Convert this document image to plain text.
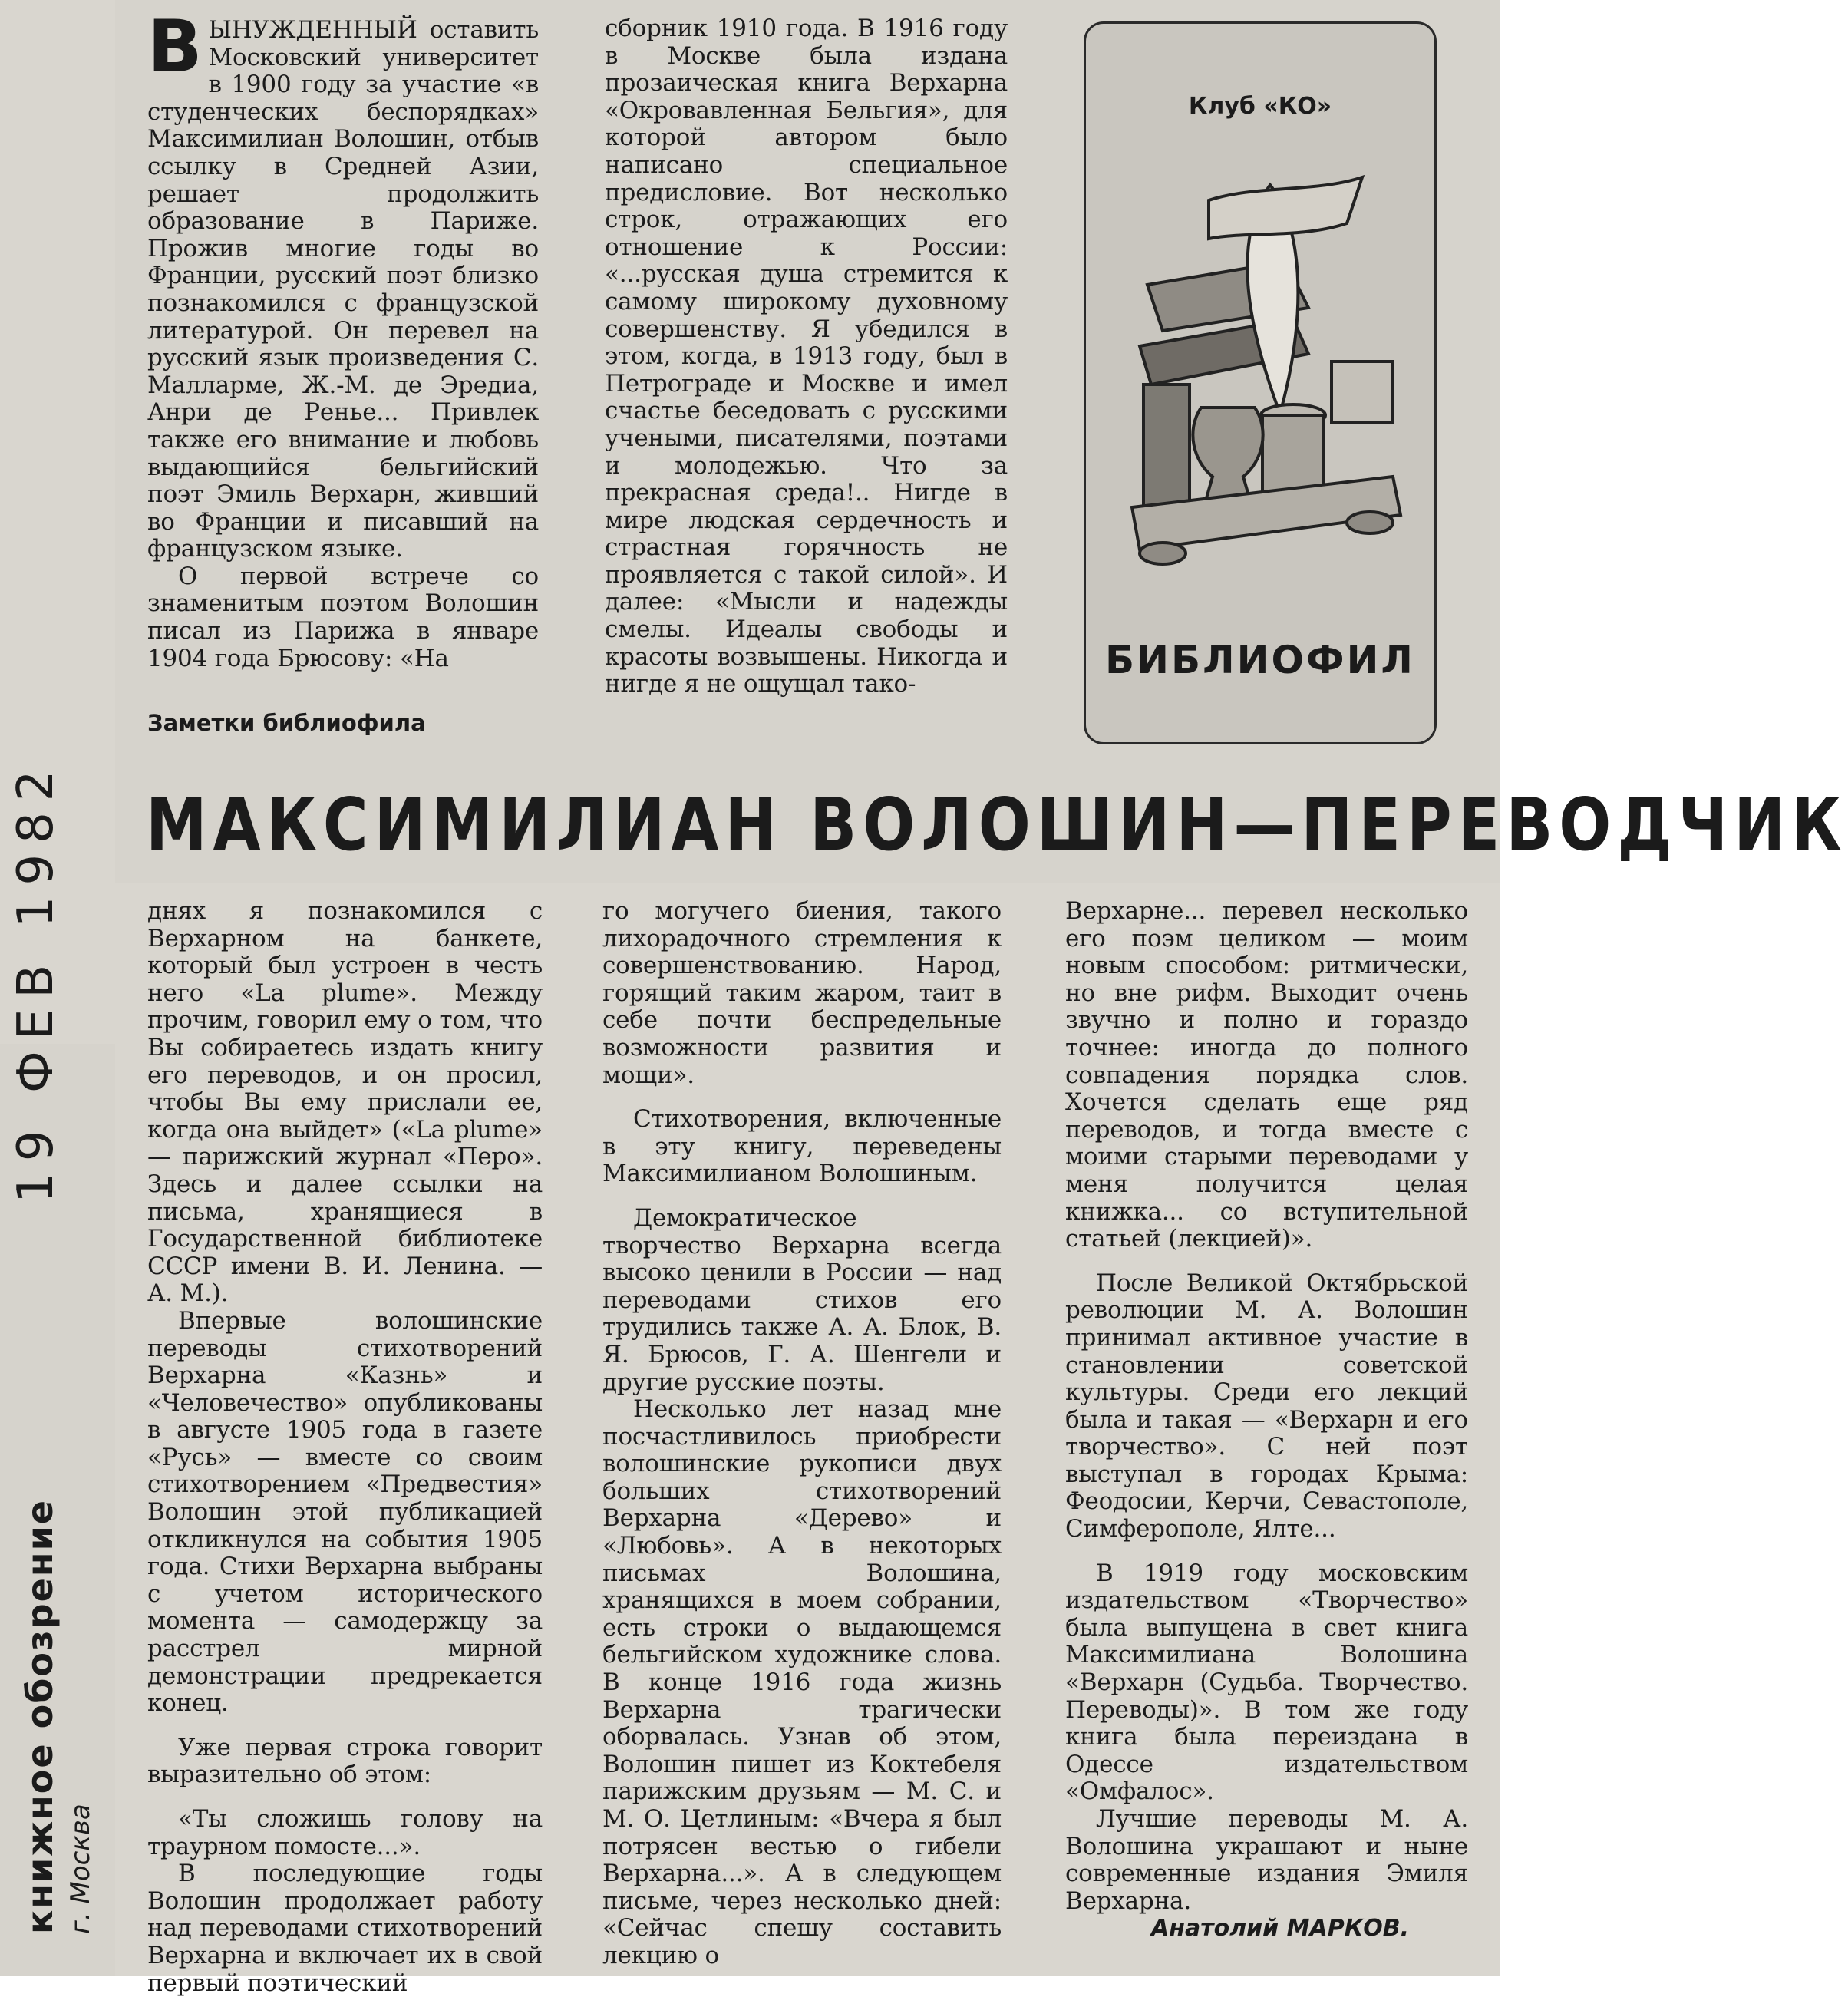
ВЫНУЖДЕННЫЙ оставить Московский университет в 1900 году за участие «в студенческих беспорядках» Максимилиан Волошин, отбыв ссылку в Средней Азии, решает продолжить образование в Париже. Прожив многие годы во Франции, русский поэт близко познакомился с французской литературой. Он перевел на русский язык произведения С. Малларме, Ж.-М. де Эредиа, Анри де Ренье... Привлек также его внимание и любовь выдающийся бельгийский поэт Эмиль Верхарн, живший во Франции и писавший на французском языке.

О первой встрече со знаменитым поэтом Волошин писал из Парижа в январе 1904 года Брюсову: «На

сборник 1910 года. В 1916 году в Москве была издана прозаическая книга Верхарна «Окровавленная Бельгия», для которой автором было написано специальное предисловие. Вот несколько строк, отражающих его отношение к России: «...русская душа стремится к самому широкому духовному совершенству. Я убедился в этом, когда, в 1913 году, был в Петрограде и Москве и имел счастье беседовать с русскими учеными, писателями, поэтами и молодежью. Что за прекрасная среда!.. Нигде в мире людская сердечность и страстная горячность не проявляется с такой силой». И далее: «Мысли и надежды смелы. Идеалы свободы и красоты возвышены. Никогда и нигде я не ощущал тако-

Заметки библиофила
Клуб «КО»
БИБЛИОФИЛ
МАКСИМИЛИАН ВОЛОШИН—ПЕРЕВОДЧИК

днях я познакомился с Верхарном на банкете, который был устроен в честь него «La plume». Между прочим, говорил ему о том, что Вы собираетесь издать книгу его переводов, и он просил, чтобы Вы ему прислали ее, когда она выйдет» («La plume» — парижский журнал «Перо». Здесь и далее ссылки на письма, хранящиеся в Государственной библиотеке СССР имени В. И. Ленина. — А. М.).

Впервые волошинские переводы стихотворений Верхарна «Казнь» и «Человечество» опубликованы в августе 1905 года в газете «Русь» — вместе со своим стихотворением «Предвестия» Волошин этой публикацией откликнулся на события 1905 года. Стихи Верхарна выбраны с учетом исторического момента — самодержцу за расстрел мирной демонстрации предрекается конец.

Уже первая строка говорит выразительно об этом:

«Ты сложишь голову на траурном помосте...».

В последующие годы Волошин продолжает работу над переводами стихотворений Верхарна и включает их в свой первый поэтический

го могучего биения, такого лихорадочного стремления к совершенствованию. Народ, горящий таким жаром, таит в себе почти беспредельные возможности развития и мощи».

Стихотворения, включенные в эту книгу, переведены Максимилианом Волошиным.

Демократическое творчество Верхарна всегда высоко ценили в России — над переводами стихов его трудились также А. А. Блок, В. Я. Брюсов, Г. А. Шенгели и другие русские поэты.

Несколько лет назад мне посчастливилось приобрести волошинские рукописи двух больших стихотворений Верхарна «Дерево» и «Любовь». А в некоторых письмах Волошина, хранящихся в моем собрании, есть строки о выдающемся бельгийском художнике слова. В конце 1916 года жизнь Верхарна трагически оборвалась. Узнав об этом, Волошин пишет из Коктебеля парижским друзьям — М. С. и М. О. Цетлиным: «Вчера я был потрясен вестью о гибели Верхарна...». А в следующем письме, через несколько дней: «Сейчас спешу составить лекцию о

Верхарне... перевел несколько его поэм целиком — моим новым способом: ритмически, но вне рифм. Выходит очень звучно и полно и гораздо точнее: иногда до полного совпадения порядка слов. Хочется сделать еще ряд переводов, и тогда вместе с моими старыми переводами у меня получится целая книжка... со вступительной статьей (лекцией)».

После Великой Октябрьской революции М. А. Волошин принимал активное участие в становлении советской культуры. Среди его лекций была и такая — «Верхарн и его творчество». С ней поэт выступал в городах Крыма: Феодосии, Керчи, Севастополе, Симферополе, Ялте...

В 1919 году московским издательством «Творчество» была выпущена в свет книга Максимилиана Волошина «Верхарн (Судьба. Творчество. Переводы)». В том же году книга была переиздана в Одессе издательством «Омфалос».

Лучшие переводы М. А. Волошина украшают и ныне современные издания Эмиля Верхарна.

Анатолий МАРКОВ.
книжное обозрение 19 ФЕВ 1982
г. Москва
